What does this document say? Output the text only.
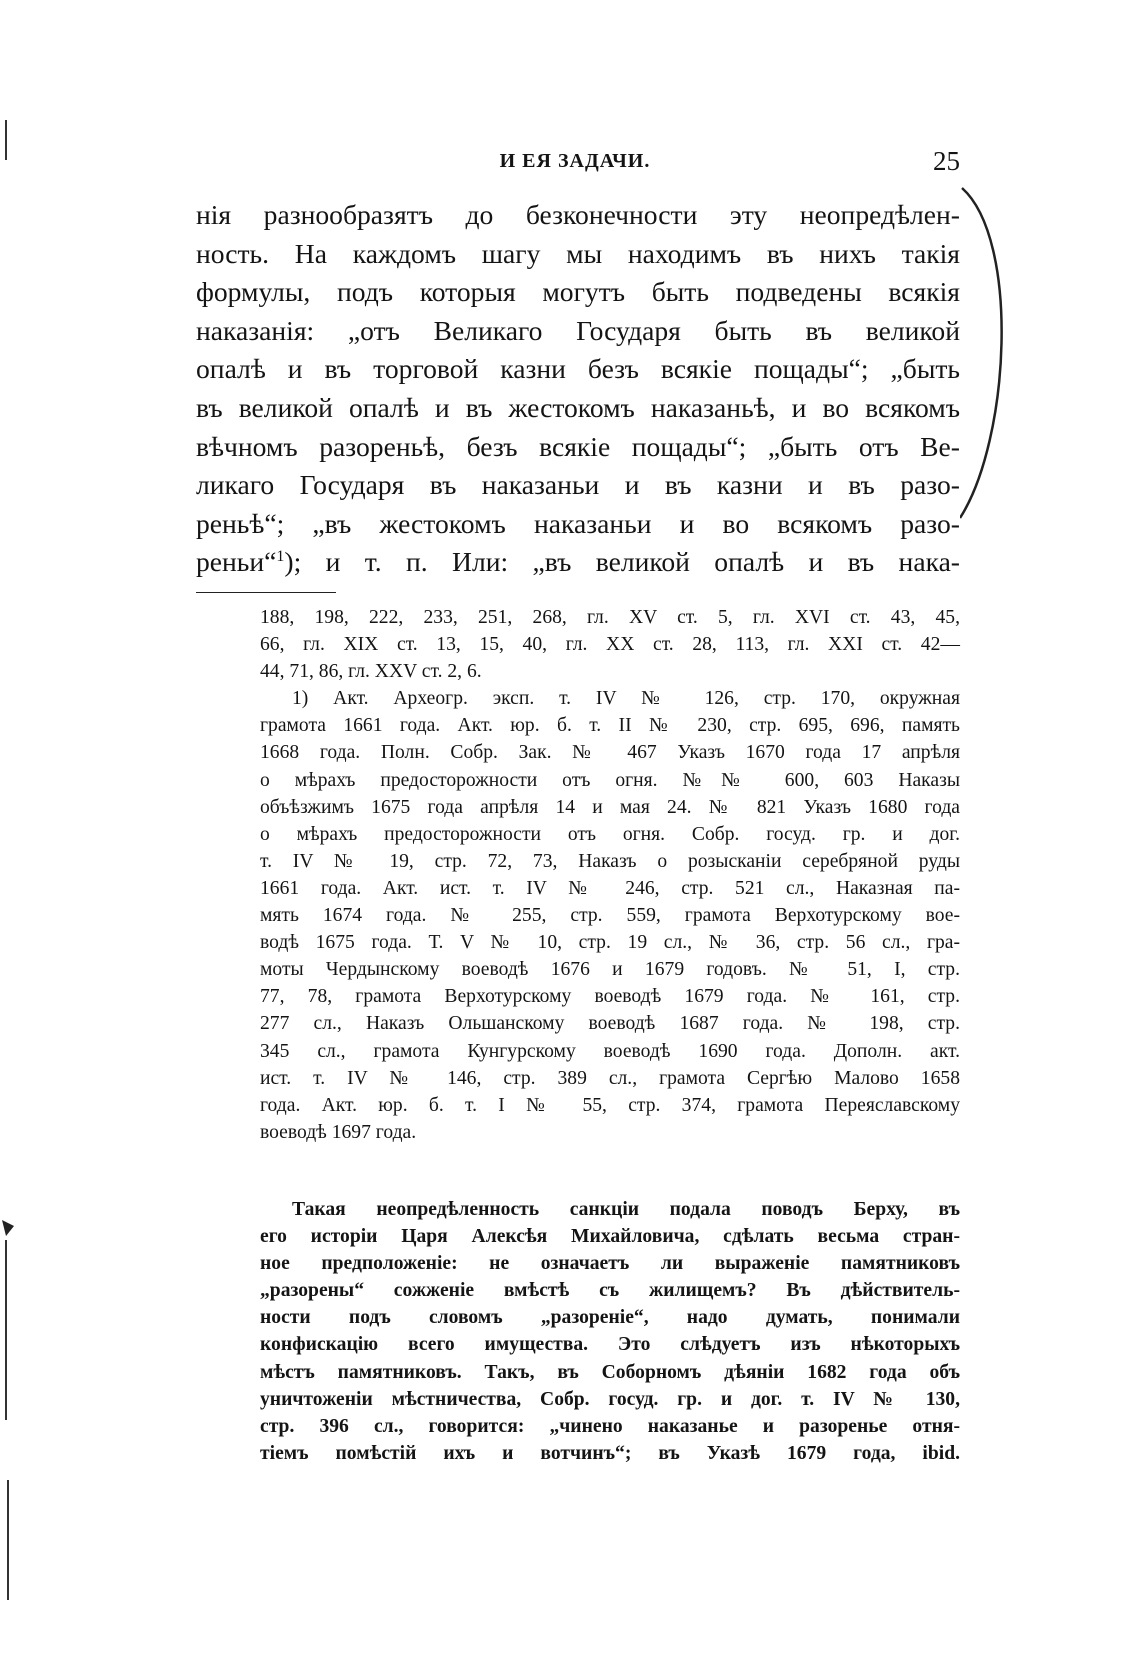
И ЕЯ ЗАДАЧИ.	25
нія разнообразятъ до безконечности эту неопредѣлен-
ность. На каждомъ шагу мы находимъ въ нихъ такія
формулы, подъ которыя могутъ быть подведены всякія
наказанія: „отъ Великаго Государя быть въ великой
опалѣ и въ торговой казни безъ всякіе пощады“; „быть
въ великой опалѣ и въ жестокомъ наказаньѣ, и во всякомъ
вѣчномъ разореньѣ, безъ всякіе пощады“; „быть отъ Ве-
ликаго Государя въ наказаньи и въ казни и въ разо-
реньѣ“; „въ жестокомъ наказаньи и во всякомъ разо-
реньи“$^1$); и т. п. Или: „въ великой опалѣ и въ нака-
188, 198, 222, 233, 251, 268, гл. XV ст. 5, гл. XVI ст. 43, 45,
66, гл. XIX ст. 13, 15, 40, гл. XX ст. 28, 113, гл. XXI ст. 42—
44, 71, 86, гл. XXV ст. 2, 6.
1) Акт. Археогр. эксп. т. IV № 126, стр. 170, окружная
грамота 1661 года. Акт. юр. б. т. II № 230, стр. 695, 696, память
1668 года. Полн. Собр. Зак. № 467 Указъ 1670 года 17 апрѣля
о мѣрахъ предосторожности отъ огня. №№ 600, 603 Наказы
объѣзжимъ 1675 года апрѣля 14 и мая 24. № 821 Указъ 1680 года
о мѣрахъ предосторожности отъ огня. Собр. госуд. гр. и дог.
т. IV № 19, стр. 72, 73, Наказъ о розысканіи серебряной руды
1661 года. Акт. ист. т. IV № 246, стр. 521 сл., Наказная па-
мять 1674 года. № 255, стр. 559, грамота Верхотурскому вое-
водѣ 1675 года. Т. V № 10, стр. 19 сл., № 36, стр. 56 сл., гра-
моты Чердынскому воеводѣ 1676 и 1679 годовъ. № 51, I, стр.
77, 78, грамота Верхотурскому воеводѣ 1679 года. № 161, стр.
277 сл., Наказъ Ольшанскому воеводѣ 1687 года. № 198, стр.
345 сл., грамота Кунгурскому воеводѣ 1690 года. Дополн. акт.
ист. т. IV № 146, стр. 389 сл., грамота Сергѣю Малово 1658
года. Акт. юр. б. т. I № 55, стр. 374, грамота Переяславскому
воеводѣ 1697 года.
Такая неопредѣленность санкціи подала поводъ Берху, въ
его исторіи Царя Алексѣя Михайловича, сдѣлать весьма стран-
ное предположеніе: не означаетъ ли выраженіе памятниковъ
„разорены“ сожженіе вмѣстѣ съ жилищемъ? Въ дѣйствитель-
ности подъ словомъ „разореніе“, надо думать, понимали
конфискацію всего имущества. Это слѣдуетъ изъ нѣкоторыхъ
мѣстъ памятниковъ. Такъ, въ Соборномъ дѣяніи 1682 года объ
уничтоженіи мѣстничества, Собр. госуд. гр. и дог. т. IV № 130,
стр. 396 сл., говорится: „чинено наказанье и разоренье отня-
тіемъ помѣстій ихъ и вотчинъ“; въ Указѣ 1679 года, ibid.
